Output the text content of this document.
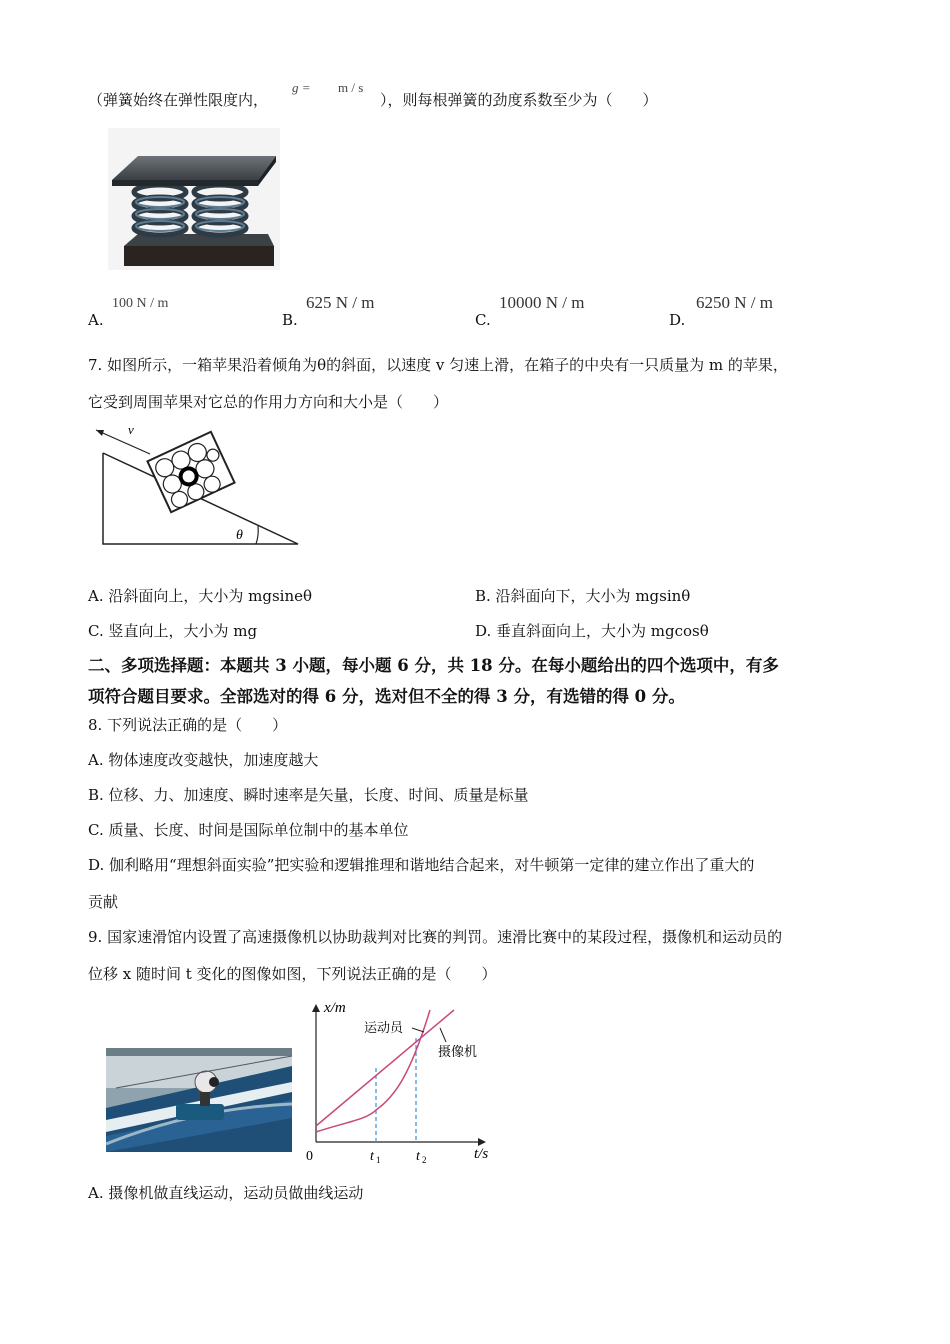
（弹簧始终在弹性限度内，
g = m / s
），则每根弹簧的劲度系数至少为（　　）
A.
100 N / m
B.
625 N / m
C.
10000 N / m
D.
6250 N / m
7. 如图所示，一箱苹果沿着倾角为θ的斜面，以速度 v 匀速上滑，在箱子的中央有一只质量为 m 的苹果，
它受到周围苹果对它总的作用力方向和大小是（　　）
θ
v
A. 沿斜面向上，大小为 mgsineθ	B. 沿斜面向下，大小为 mgsinθ
C. 竖直向上，大小为 mg	D. 垂直斜面向上，大小为 mgcosθ
二、多项选择题：本题共 3 小题，每小题 6 分，共 18 分。在每小题给出的四个选项中，有多
项符合题目要求。全部选对的得 6 分，选对但不全的得 3 分，有选错的得 0 分。
8. 下列说法正确的是（　　）
A. 物体速度改变越快，加速度越大
B. 位移、力、加速度、瞬时速率是矢量，长度、时间、质量是标量
C. 质量、长度、时间是国际单位制中的基本单位
D. 伽利略用“理想斜面实验”把实验和逻辑推理和谐地结合起来，对牛顿第一定律的建立作出了重大的
贡献
9. 国家速滑馆内设置了高速摄像机以协助裁判对比赛的判罚。速滑比赛中的某段过程，摄像机和运动员的
位移 x 随时间 t 变化的图像如图，下列说法正确的是（　　）
x/m
t/s
0	t 1	t 2
运动员
摄像机
A. 摄像机做直线运动，运动员做曲线运动
